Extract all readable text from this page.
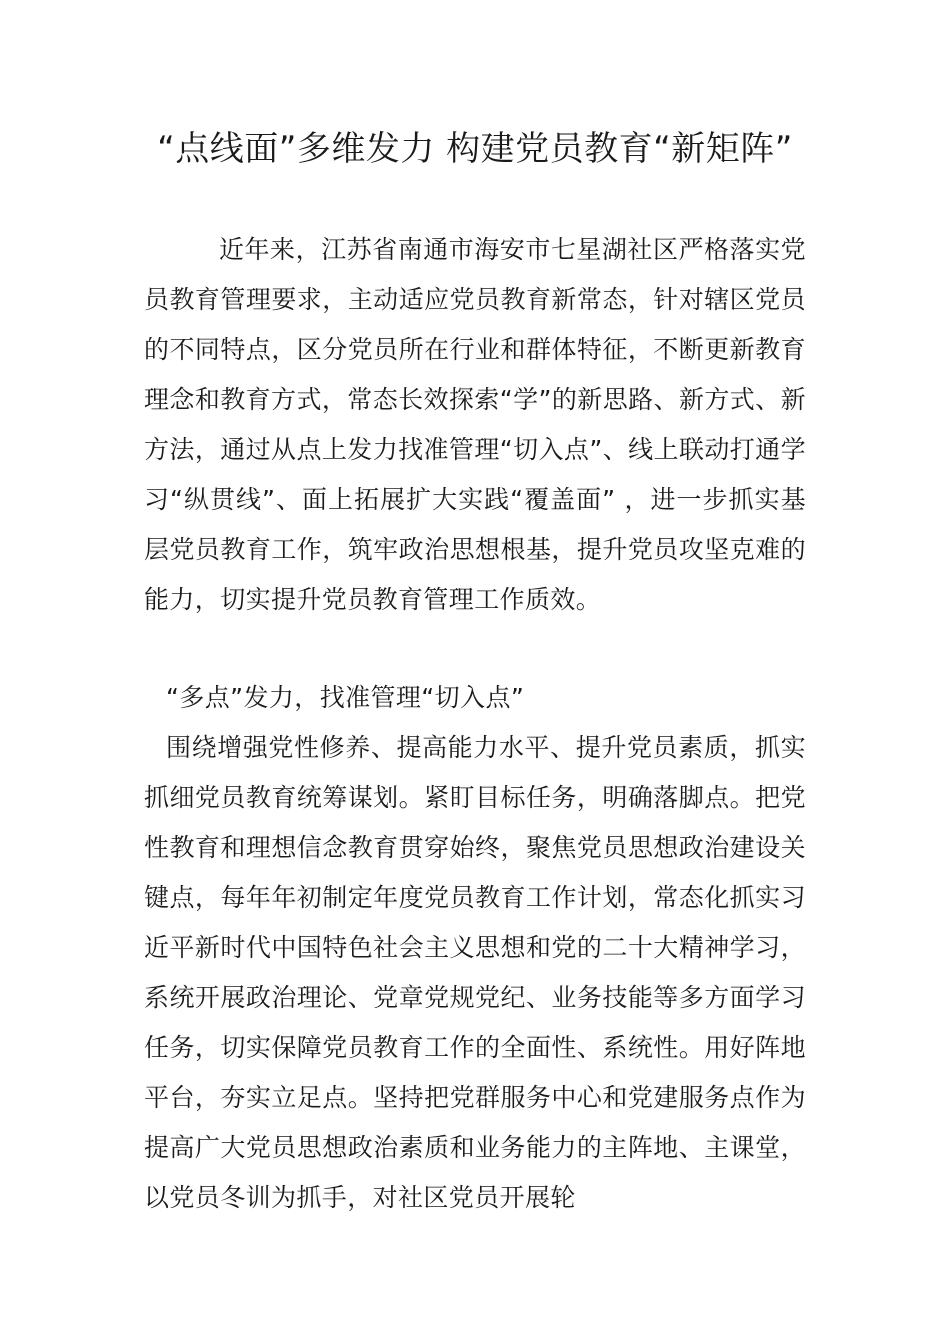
“点线面”多维发力 构建党员教育“新矩阵”

近年来，江苏省南通市海安市七星湖社区严格落实党员教育管理要求，主动适应党员教育新常态，针对辖区党员的不同特点，区分党员所在行业和群体特征，不断更新教育理念和教育方式，常态长效探索“学”的新思路、新方式、新方法，通过从点上发力找准管理“切入点”、线上联动打通学习“纵贯线”、面上拓展扩大实践“覆盖面” ，进一步抓实基层党员教育工作，筑牢政治思想根基，提升党员攻坚克难的能力，切实提升党员教育管理工作质效。

“多点”发力，找准管理“切入点”

围绕增强党性修养、提高能力水平、提升党员素质，抓实抓细党员教育统筹谋划。紧盯目标任务，明确落脚点。把党性教育和理想信念教育贯穿始终，聚焦党员思想政治建设关键点，每年年初制定年度党员教育工作计划，常态化抓实习近平新时代中国特色社会主义思想和党的二十大精神学习，系统开展政治理论、党章党规党纪、业务技能等多方面学习任务，切实保障党员教育工作的全面性、系统性。用好阵地平台，夯实立足点。坚持把党群服务中心和党建服务点作为提高广大党员思想政治素质和业务能力的主阵地、主课堂，以党员冬训为抓手，对社区党员开展轮
